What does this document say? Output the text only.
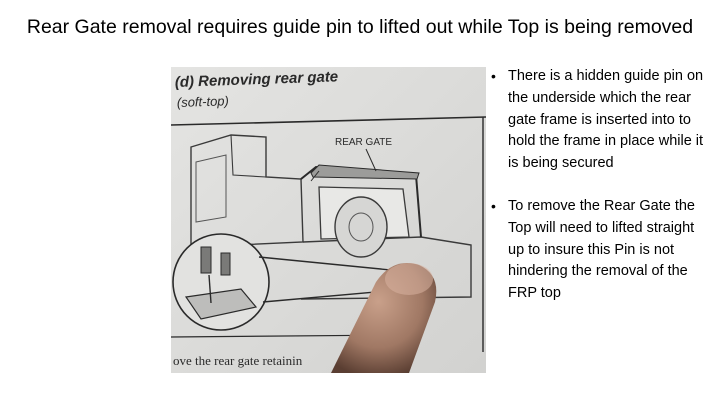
Rear Gate removal requires guide pin to lifted out while Top is being removed
(d) Removing rear gate
(soft-top)
REAR GATE
ove the rear gate retainin
• There is a hidden guide pin on the underside which the rear gate frame is inserted into to hold the frame in place while it is being secured
• To remove the Rear Gate the Top will need to lifted straight up to insure this Pin is not hindering the removal of the FRP top
